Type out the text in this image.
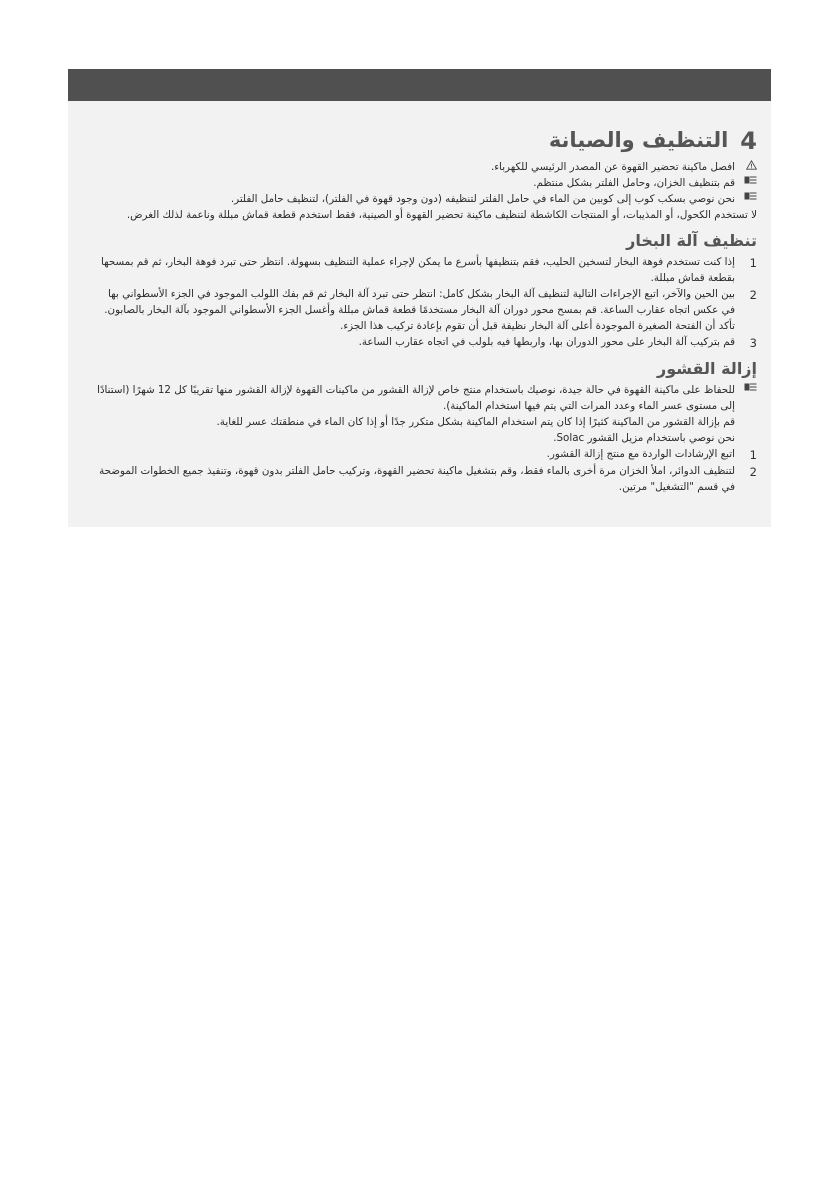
4
التنظيف والصيانة
افصل ماكينة تحضير القهوة عن المصدر الرئيسي للكهرباء.
قم بتنظيف الخزان، وحامل الفلتر بشكل منتظم.
نحن نوصي بسكب كوب إلى كوبين من الماء في حامل الفلتر لتنظيفه (دون وجود قهوة في الفلتر)، لتنظيف حامل الفلتر.
لا تستخدم الكحول، أو المذيبات، أو المنتجات الكاشطة لتنظيف ماكينة تحضير القهوة أو الصينية، فقط استخدم قطعة قماش مبللة وناعمة لذلك الغرض.
تنظيف آلة البخار
1
إذا كنت تستخدم فوهة البخار لتسخين الحليب، فقم بتنظيفها بأسرع ما يمكن لإجراء عملية التنظيف بسهولة. انتظر حتى تبرد فوهة البخار، ثم قم بمسحها
بقطعة قماش مبللة.
2
بين الحين والآخر، اتبع الإجراءات التالية لتنظيف آلة البخار بشكل كامل: انتظر حتى تبرد آلة البخار ثم قم بفك اللولب الموجود في الجزء الأسطواني بها
في عكس اتجاه عقارب الساعة. قم بمسح محور دوران آلة البخار مستخدمًا قطعة قماش مبللة وأغسل الجزء الأسطواني الموجود بآلة البخار بالصابون.
تأكد أن الفتحة الصغيرة الموجودة أعلى آلة البخار نظيفة قبل أن تقوم بإعادة تركيب هذا الجزء.
3
قم بتركيب آلة البخار على محور الدوران بها، واربطها فيه بلولب في اتجاه عقارب الساعة.
إزالة القشور
للحفاظ على ماكينة القهوة في حالة جيدة، نوصيك باستخدام منتج خاص لإزالة القشور من ماكينات القهوة لإزالة القشور منها تقريبًا كل 12 شهرًا (استنادًا
إلى مستوى عسر الماء وعدد المرات التي يتم فيها استخدام الماكينة).
قم بإزالة القشور من الماكينة كثيرًا إذا كان يتم استخدام الماكينة بشكل متكرر جدًا أو إذا كان الماء في منطقتك عسر للغاية.
نحن نوصي باستخدام مزيل القشور Solac.
1
اتبع الإرشادات الواردة مع منتج إزالة القشور.
2
لتنظيف الدوائر، املأ الخزان مرة أخرى بالماء فقط، وقم بتشغيل ماكينة تحضير القهوة، وتركيب حامل الفلتر بدون قهوة، وتنفيذ جميع الخطوات الموضحة
في قسم "التشغيل" مرتين.
